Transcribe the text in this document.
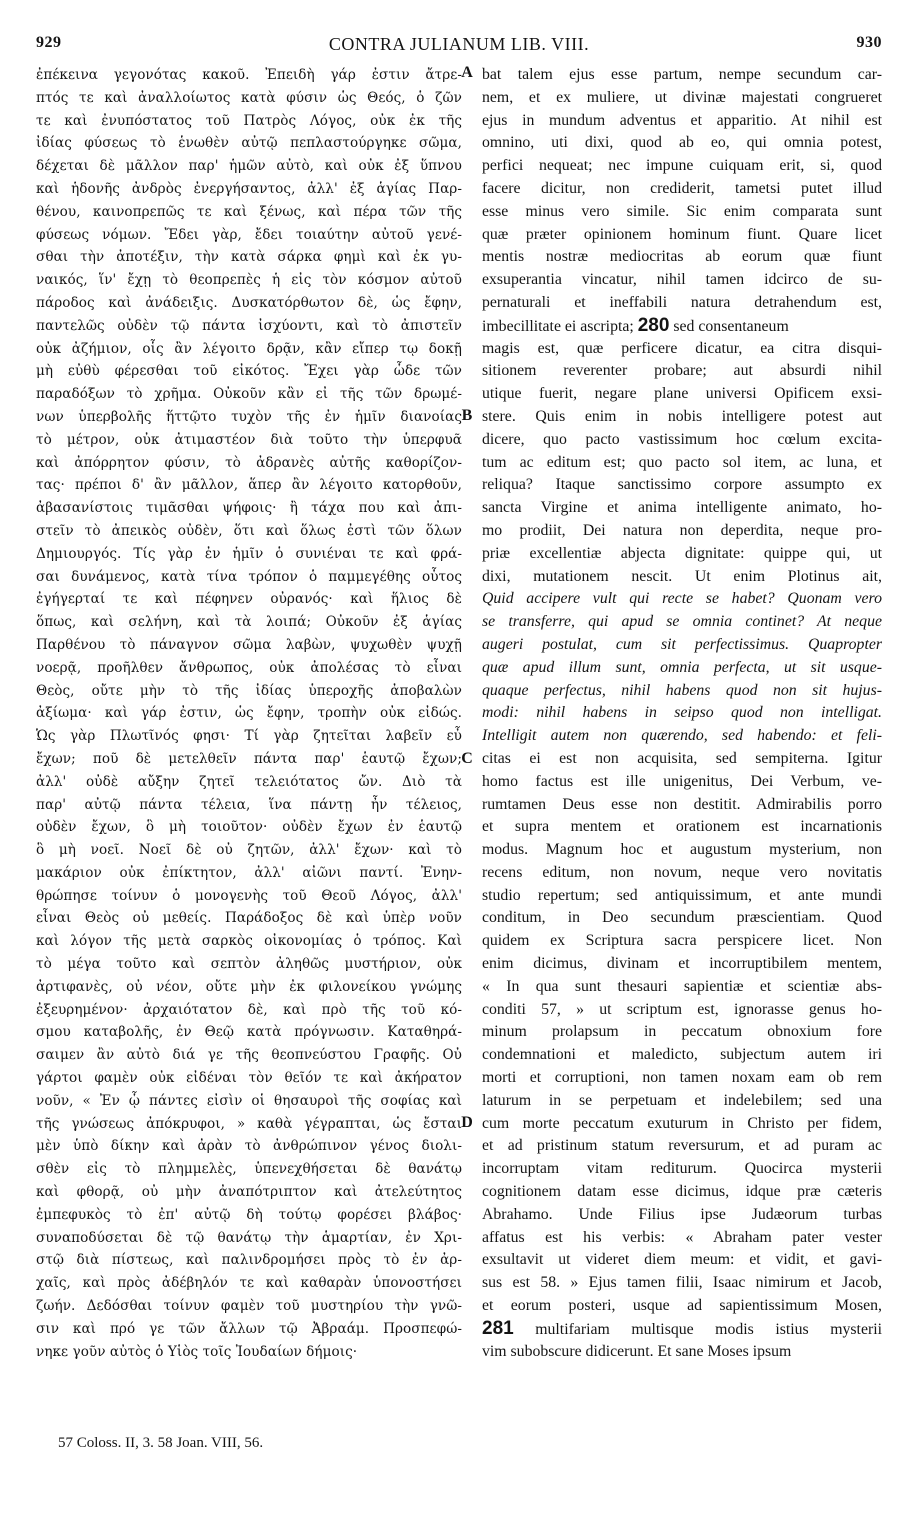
929	CONTRA JULIANUM LIB. VIII.	930
ἐπέκεινα γεγονότας κακοῦ. Ἐπειδὴ γάρ ἐστιν ἄτρε-
πτός τε καὶ ἀναλλοίωτος κατὰ φύσιν ὡς Θεός, ὁ ζῶν
τε καὶ ἐνυπόστατος τοῦ Πατρὸς Λόγος, οὐκ ἐκ τῆς
ἰδίας φύσεως τὸ ἑνωθὲν αὐτῷ πεπλαστούργηκε σῶμα,
δέχεται δὲ μᾶλλον παρ' ἡμῶν αὐτὸ, καὶ οὐκ ἐξ ὕπνου
καὶ ἡδονῆς ἀνδρὸς ἐνεργήσαντος, ἀλλ' ἐξ ἁγίας Παρ-
θένου, καινοπρεπῶς τε καὶ ξένως, καὶ πέρα τῶν τῆς
φύσεως νόμων. Ἔδει γὰρ, ἔδει τοιαύτην αὐτοῦ γενέ-
σθαι τὴν ἀποτέξιν, τὴν κατὰ σάρκα φημὶ καὶ ἐκ γυ-
ναικός, ἵν' ἔχῃ τὸ θεοπρεπὲς ἡ εἰς τὸν κόσμον αὐτοῦ
πάροδος καὶ ἀνάδειξις. Δυσκατόρθωτον δὲ, ὡς ἔφην,
παντελῶς οὐδὲν τῷ πάντα ἰσχύοντι, καὶ τὸ ἀπιστεῖν
οὐκ ἀζήμιον, οἷς ἂν λέγοιτο δρᾷν, κἂν εἴπερ τῳ δοκῇ
μὴ εὐθὺ φέρεσθαι τοῦ εἰκότος. Ἔχει γὰρ ὧδε τῶν
παραδόξων τὸ χρῆμα. Οὐκοῦν κἂν εἰ τῆς τῶν δρωμέ-
νων ὑπερβολῆς ἥττῷτο τυχὸν τῆς ἐν ἡμῖν διανοίας
τὸ μέτρον, οὐκ ἀτιμαστέον διὰ τοῦτο τὴν ὑπερφυᾶ
καὶ ἀπόρρητον φύσιν, τὸ ἀδρανὲς αὐτῆς καθορίζον-
τας· πρέποι δ' ἂν μᾶλλον, ἅπερ ἂν λέγοιτο κατορθοῦν,
ἀβασανίστοις τιμᾶσθαι ψήφοις· ἢ τάχα που καὶ ἀπι-
στεῖν τὸ ἀπεικὸς οὐδὲν, ὅτι καὶ ὅλως ἐστὶ τῶν ὅλων
Δημιουργός. Τίς γὰρ ἐν ἡμῖν ὁ συνιέναι τε καὶ φρά-
σαι δυνάμενος, κατὰ τίνα τρόπον ὁ παμμεγέθης οὗτος
ἐγήγερταί τε καὶ πέφηνεν οὐρανός· καὶ ἥλιος δὲ
ὅπως, καὶ σελήνη, καὶ τὰ λοιπά; Οὐκοῦν ἐξ ἁγίας
Παρθένου τὸ πάναγνον σῶμα λαβὼν, ψυχωθὲν ψυχῇ
νοερᾷ, προῆλθεν ἄνθρωπος, οὐκ ἀπολέσας τὸ εἶναι
Θεὸς, οὔτε μὴν τὸ τῆς ἰδίας ὑπεροχῆς ἀποβαλὼν
ἀξίωμα· καὶ γάρ ἐστιν, ὡς ἔφην, τροπὴν οὐκ εἰδώς.
Ὡς γὰρ Πλωτῖνός φησι· Τί γὰρ ζητεῖται λαβεῖν εὖ
ἔχων; ποῦ δὲ μετελθεῖν πάντα παρ' ἑαυτῷ ἔχων;
ἀλλ' οὐδὲ αὔξην ζητεῖ τελειότατος ὤν. Διὸ τὰ
παρ' αὐτῷ πάντα τέλεια, ἵνα πάντῃ ἦν τέλειος,
οὐδὲν ἔχων, ὃ μὴ τοιοῦτον· οὐδὲν ἔχων ἐν ἑαυτῷ
ὃ μὴ νοεῖ. Νοεῖ δὲ οὐ ζητῶν, ἀλλ' ἔχων· καὶ τὸ
μακάριον οὐκ ἐπίκτητον, ἀλλ' αἰῶνι παντί. Ἐνην-
θρώπησε τοίνυν ὁ μονογενὴς τοῦ Θεοῦ Λόγος, ἀλλ'
εἶναι Θεὸς οὐ μεθείς. Παράδοξος δὲ καὶ ὑπὲρ νοῦν
καὶ λόγον τῆς μετὰ σαρκὸς οἰκονομίας ὁ τρόπος. Καὶ
τὸ μέγα τοῦτο καὶ σεπτὸν ἀληθῶς μυστήριον, οὐκ
ἀρτιφανὲς, οὐ νέον, οὔτε μὴν ἐκ φιλονείκου γνώμης
ἐξευρημένον· ἀρχαιότατον δὲ, καὶ πρὸ τῆς τοῦ κό-
σμου καταβολῆς, ἐν Θεῷ κατὰ πρόγνωσιν. Καταθηρά-
σαιμεν ἂν αὐτὸ διά γε τῆς θεοπνεύστου Γραφῆς. Οὐ
γάρτοι φαμὲν οὐκ εἰδέναι τὸν θεῖόν τε καὶ ἀκήρατον
νοῦν, « Ἐν ᾧ πάντες εἰσὶν οἱ θησαυροὶ τῆς σοφίας καὶ
τῆς γνώσεως ἀπόκρυφοι, » καθὰ γέγραπται, ὡς ἔσται
μὲν ὑπὸ δίκην καὶ ἀρὰν τὸ ἀνθρώπινον γένος διολι-
σθὲν εἰς τὸ πλημμελὲς, ὑπενεχθήσεται δὲ θανάτῳ
καὶ φθορᾷ, οὐ μὴν ἀναπότριπτον καὶ ἀτελεύτητος
ἐμπεφυκὸς τὸ ἐπ' αὐτῷ δὴ τούτῳ φορέσει βλάβος·
συναποδύσεται δὲ τῷ θανάτῳ τὴν ἁμαρτίαν, ἐν Χρι-
στῷ διὰ πίστεως, καὶ παλινδρομήσει πρὸς τὸ ἐν ἀρ-
χαῖς, καὶ πρὸς ἀδέβηλόν τε καὶ καθαρὰν ὑπονοστήσει
ζωήν. Δεδόσθαι τοίνυν φαμὲν τοῦ μυστηρίου τὴν γνῶ-
σιν καὶ πρό γε τῶν ἄλλων τῷ Ἀβραάμ. Προσπεφώ-
νηκε γοῦν αὐτὸς ὁ Υἱὸς τοῖς Ἰουδαίων δήμοις·
bat talem ejus esse partum, nempe secundum car-
nem, et ex muliere, ut divinæ majestati congrueret
ejus in mundum adventus et apparitio. At nihil est
omnino, uti dixi, quod ab eo, qui omnia potest,
perfici nequeat; nec impune cuiquam erit, si, quod
facere dicitur, non crediderit, tametsi putet illud
esse minus vero simile. Sic enim comparata sunt
quæ præter opinionem hominum fiunt. Quare licet
mentis nostræ mediocritas ab eorum quæ fiunt
exsuperantia vincatur, nihil tamen idcirco de su-
pernaturali et ineffabili natura detrahendum est,
imbecillitate ei ascripta; 280 sed consentaneum
magis est, quæ perficere dicatur, ea citra disqui-
sitionem reverenter probare; aut absurdi nihil
utique fuerit, negare plane universi Opificem exsi-
stere. Quis enim in nobis intelligere potest aut
dicere, quo pacto vastissimum hoc cœlum excita-
tum ac editum est; quo pacto sol item, ac luna, et
reliqua? Itaque sanctissimo corpore assumpto ex
sancta Virgine et anima intelligente animato, ho-
mo prodiit, Dei natura non deperdita, neque pro-
priæ excellentiæ abjecta dignitate: quippe qui, ut
dixi, mutationem nescit. Ut enim Plotinus ait,
Quid accipere vult qui recte se habet? Quonam vero
se transferre, qui apud se omnia continet? At neque
augeri postulat, cum sit perfectissimus. Quapropter
quæ apud illum sunt, omnia perfecta, ut sit usque-
quaque perfectus, nihil habens quod non sit hujus-
modi: nihil habens in seipso quod non intelligat.
Intelligit autem non quærendo, sed habendo: et feli-
citas ei est non acquisita, sed sempiterna. Igitur
homo factus est ille unigenitus, Dei Verbum, ve-
rumtamen Deus esse non destitit. Admirabilis porro
et supra mentem et orationem est incarnationis
modus. Magnum hoc et augustum mysterium, non
recens editum, non novum, neque vero novitatis
studio repertum; sed antiquissimum, et ante mundi
conditum, in Deo secundum præscientiam. Quod
quidem ex Scriptura sacra perspicere licet. Non
enim dicimus, divinam et incorruptibilem mentem,
« In qua sunt thesauri sapientiæ et scientiæ abs-
conditi 57, » ut scriptum est, ignorasse genus ho-
minum prolapsum in peccatum obnoxium fore
condemnationi et maledicto, subjectum autem iri
morti et corruptioni, non tamen noxam eam ob rem
laturum in se perpetuam et indelebilem; sed una
cum morte peccatum exuturum in Christo per fidem,
et ad pristinum statum reversurum, et ad puram ac
incorruptam vitam rediturum. Quocirca mysterii
cognitionem datam esse dicimus, idque præ cæteris
Abrahamo. Unde Filius ipse Judæorum turbas
affatus est his verbis: « Abraham pater vester
exsultavit ut videret diem meum: et vidit, et gavi-
sus est 58. » Ejus tamen filii, Isaac nimirum et Jacob,
et eorum posteri, usque ad sapientissimum Mosen,
281 multifariam multisque modis istius mysterii
vim subobscure didicerunt. Et sane Moses ipsum
A
B
C
D
57 Coloss. II, 3. 58 Joan. VIII, 56.
